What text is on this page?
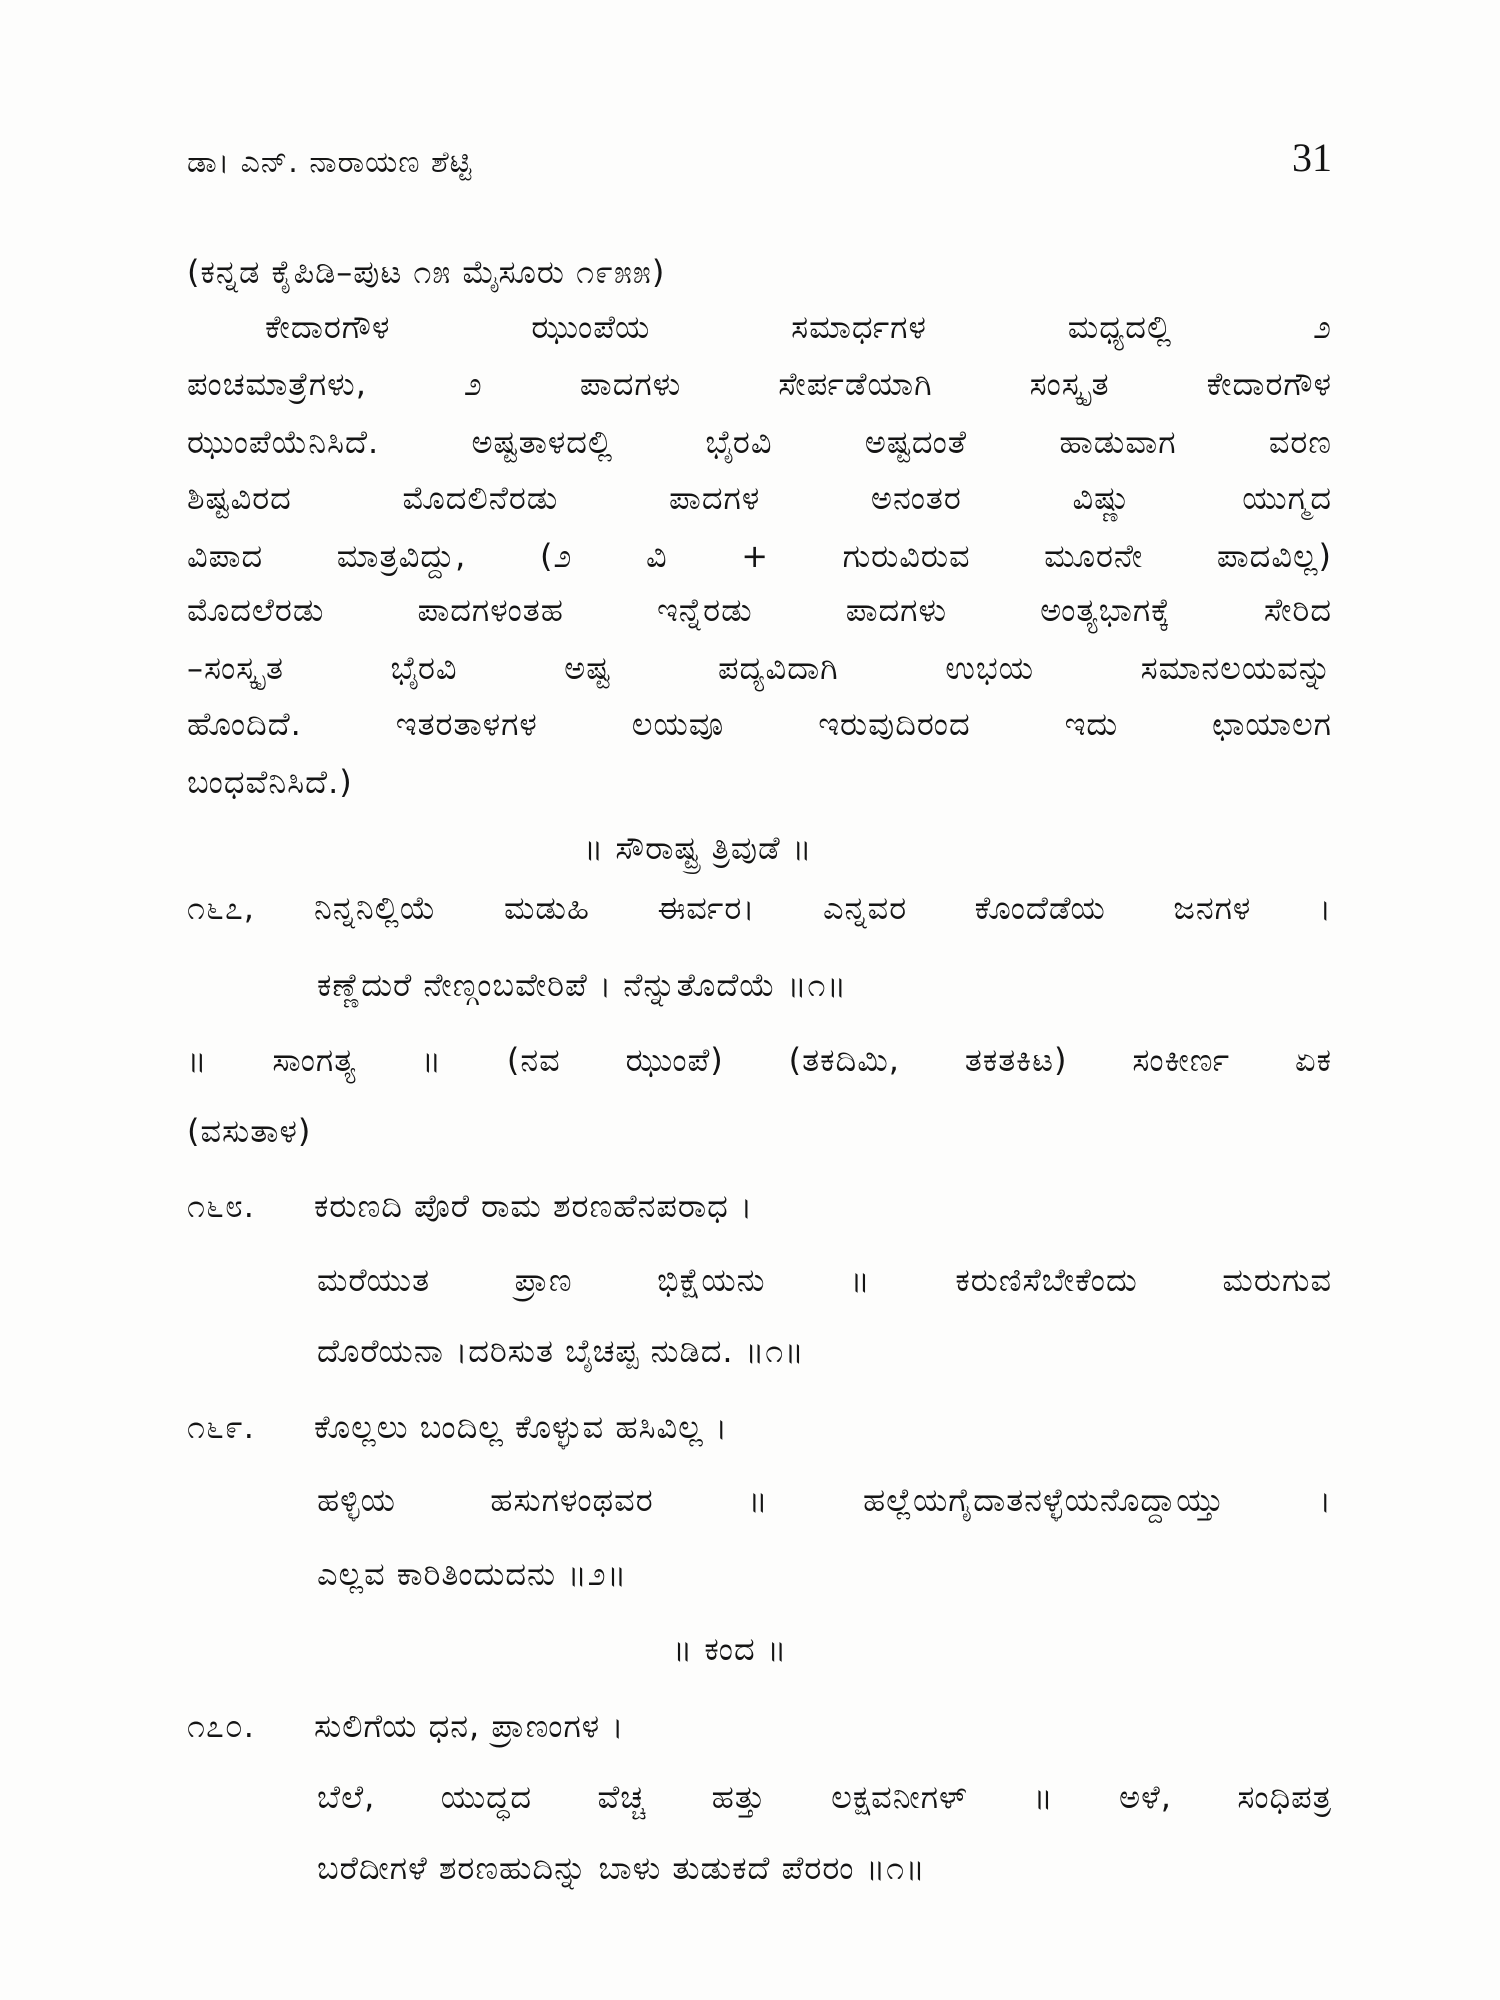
ಡಾ। ಎನ್. ನಾರಾಯಣ ಶೆಟ್ಟಿ	31
(ಕನ್ನಡ ಕೈಪಿಡಿ–ಪುಟ ೧೫ ಮೈಸೂರು ೧೯೫೫)
ಕೇದಾರಗೌಳ ಝುಂಪೆಯ ಸಮಾರ್ಧಗಳ ಮಧ್ಯದಲ್ಲಿ ೨
ಪಂಚಮಾತ್ರೆಗಳು, ೨ ಪಾದಗಳು ಸೇರ್ಪಡೆಯಾಗಿ ಸಂಸ್ಕೃತ ಕೇದಾರಗೌಳ
ಝುಂಪೆಯೆನಿಸಿದೆ. ಅಷ್ಟತಾಳದಲ್ಲಿ ಭೈರವಿ ಅಷ್ಟದಂತೆ ಹಾಡುವಾಗ ವರಣ
ಶಿಷ್ಟವಿರದ ಮೊದಲಿನೆರಡು ಪಾದಗಳ ಅನಂತರ ವಿಷ್ಣು ಯುಗ್ಮದ
ವಿಪಾದ ಮಾತ್ರವಿದ್ದು, (೨ ವಿ + ಗುರುವಿರುವ ಮೂರನೇ ಪಾದವಿಲ್ಲ)
ಮೊದಲೆರಡು ಪಾದಗಳಂತಹ ಇನ್ನೆರಡು ಪಾದಗಳು ಅಂತ್ಯಭಾಗಕ್ಕೆ ಸೇರಿದ
–ಸಂಸ್ಕೃತ ಭೈರವಿ ಅಷ್ಟ ಪದ್ಯವಿದಾಗಿ ಉಭಯ ಸಮಾನಲಯವನ್ನು
ಹೊಂದಿದೆ. ಇತರತಾಳಗಳ ಲಯವೂ ಇರುವುದಿರಂದ ಇದು ಛಾಯಾಲಗ
ಬಂಧವೆನಿಸಿದೆ.)
॥ ಸೌರಾಷ್ಟ್ರ ತ್ರಿವುಡೆ ॥
೧೬೭,	ನಿನ್ನನಿಲ್ಲಿಯೆ ಮಡುಹಿ ಈರ್ವರ। ಎನ್ನವರ ಕೊಂದೆಡೆಯ ಜನಗಳ ।
ಕಣ್ಣೆದುರೆ ನೇಣ್ಗಂಬವೇರಿಪೆ । ನೆನ್ನುತೊದೆಯೆ ॥೧॥
॥ ಸಾಂಗತ್ಯ ॥ (ನವ ಝುಂಪೆ) (ತಕದಿಮಿ, ತಕತಕಿಟ) ಸಂಕೀರ್ಣ ಏಕ
(ವಸುತಾಳ)
೧೬೮.	ಕರುಣದಿ ಪೊರೆ ರಾಮ ಶರಣಹೆನಪರಾಧ ।
ಮರೆಯುತ ಪ್ರಾಣ ಭಿಕ್ಷೆಯನು ॥ ಕರುಣಿಸೆಬೇಕೆಂದು ಮರುಗುವ
ದೊರೆಯನಾ ।ದರಿಸುತ ಬೈಚಪ್ಪ ನುಡಿದ. ॥೧॥
೧೬೯.	ಕೊಲ್ಲಲು ಬಂದಿಲ್ಲ ಕೊಳ್ಳುವ ಹಸಿವಿಲ್ಲ ।
ಹಳ್ಳಿಯ ಹಸುಗಳಂಥವರ ॥ ಹಲ್ಲೆಯಗೈದಾತನಳ್ಳೆಯನೊದ್ದಾಯ್ತು ।
ಎಲ್ಲವ ಕಾರಿತಿಂದುದನು ॥೨॥
॥ ಕಂದ ॥
೧೭೦.	ಸುಲಿಗೆಯ ಧನ, ಪ್ರಾಣಂಗಳ ।
ಬೆಲೆ, ಯುದ್ಧದ ವೆಚ್ಚ ಹತ್ತು ಲಕ್ಷವನೀಗಳ್ ॥ ಅಳೆ, ಸಂಧಿಪತ್ರ
ಬರೆದೀಗಳೆ ಶರಣಹುದಿನ್ನು ಬಾಳು ತುಡುಕದೆ ಪೆರರಂ ॥೧॥
